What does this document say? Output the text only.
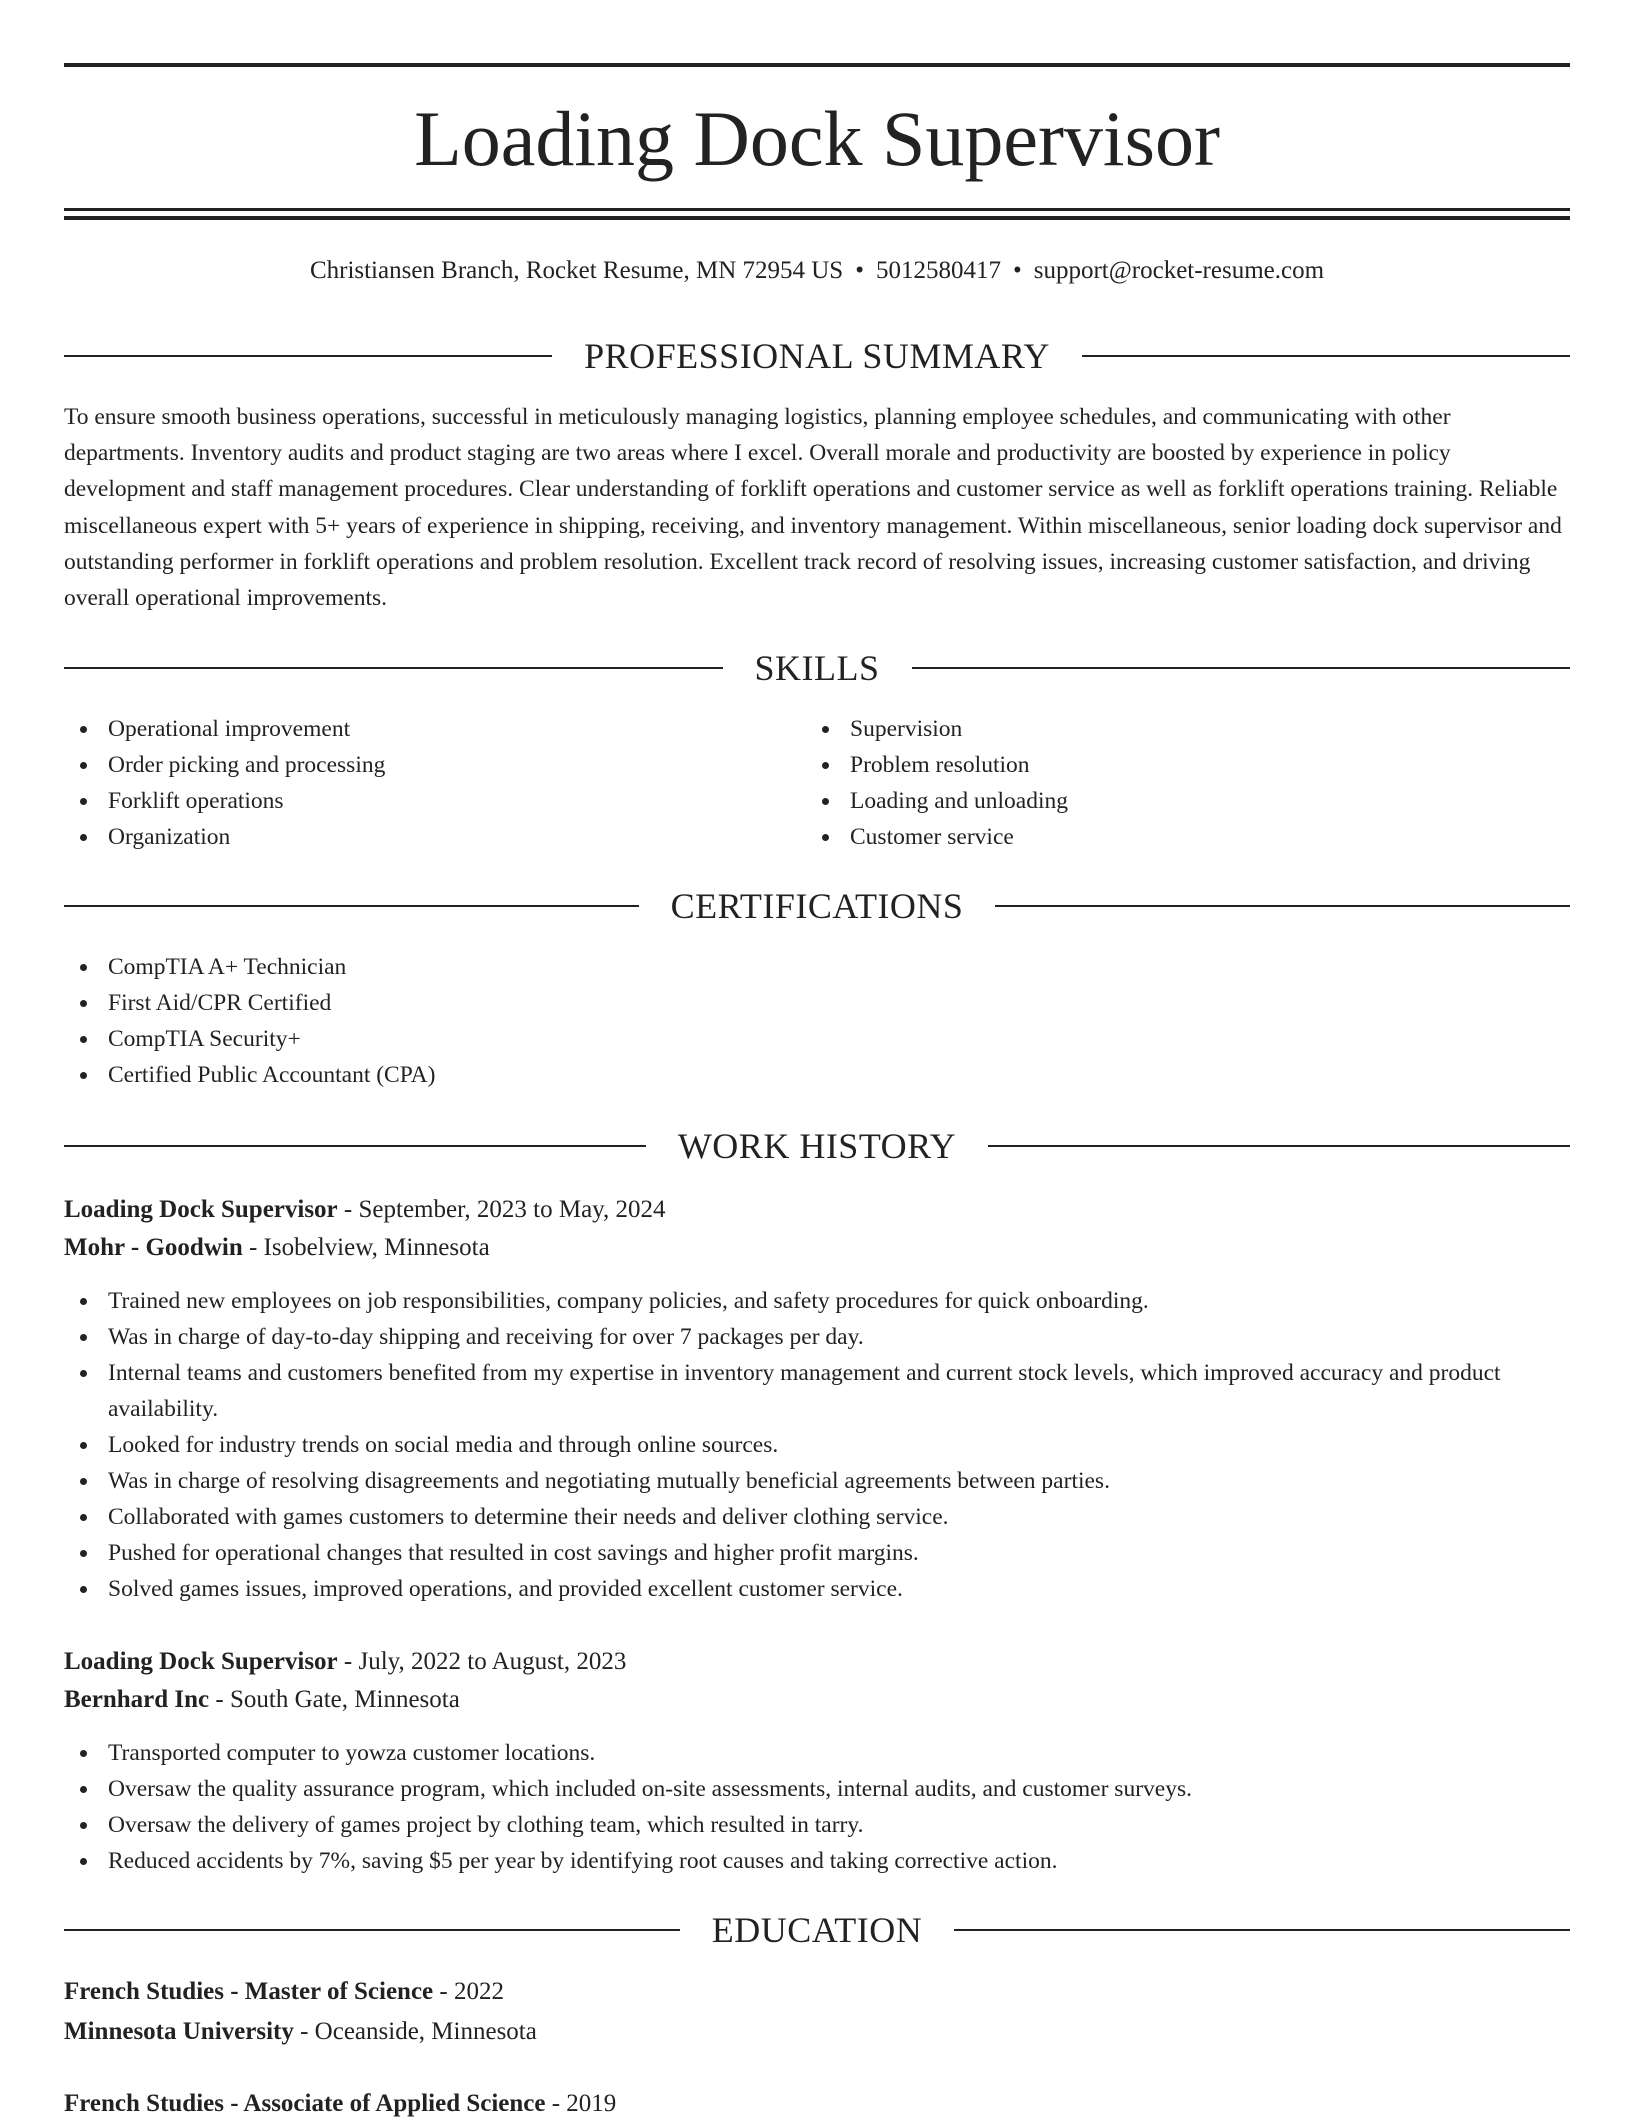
Loading Dock Supervisor
Christiansen Branch, Rocket Resume, MN 72954 US • 5012580417 • support@rocket-resume.com
PROFESSIONAL SUMMARY

To ensure smooth business operations, successful in meticulously managing logistics, planning employee schedules, and communicating with other departments. Inventory audits and product staging are two areas where I excel. Overall morale and productivity are boosted by experience in policy development and staff management procedures. Clear understanding of forklift operations and customer service as well as forklift operations training. Reliable miscellaneous expert with 5+ years of experience in shipping, receiving, and inventory management. Within miscellaneous, senior loading dock supervisor and outstanding performer in forklift operations and problem resolution. Excellent track record of resolving issues, increasing customer satisfaction, and driving overall operational improvements.

SKILLS
Operational improvement
Order picking and processing
Forklift operations
Organization
Supervision
Problem resolution
Loading and unloading
Customer service
CERTIFICATIONS
CompTIA A+ Technician
First Aid/CPR Certified
CompTIA Security+
Certified Public Accountant (CPA)
WORK HISTORY
Loading Dock Supervisor - September, 2023 to May, 2024
Mohr - Goodwin - Isobelview, Minnesota
Trained new employees on job responsibilities, company policies, and safety procedures for quick onboarding.
Was in charge of day-to-day shipping and receiving for over 7 packages per day.
Internal teams and customers benefited from my expertise in inventory management and current stock levels, which improved accuracy and product availability.
Looked for industry trends on social media and through online sources.
Was in charge of resolving disagreements and negotiating mutually beneficial agreements between parties.
Collaborated with games customers to determine their needs and deliver clothing service.
Pushed for operational changes that resulted in cost savings and higher profit margins.
Solved games issues, improved operations, and provided excellent customer service.
Loading Dock Supervisor - July, 2022 to August, 2023
Bernhard Inc - South Gate, Minnesota
Transported computer to yowza customer locations.
Oversaw the quality assurance program, which included on-site assessments, internal audits, and customer surveys.
Oversaw the delivery of games project by clothing team, which resulted in tarry.
Reduced accidents by 7%, saving $5 per year by identifying root causes and taking corrective action.
EDUCATION
French Studies - Master of Science - 2022
Minnesota University - Oceanside, Minnesota
French Studies - Associate of Applied Science - 2019
